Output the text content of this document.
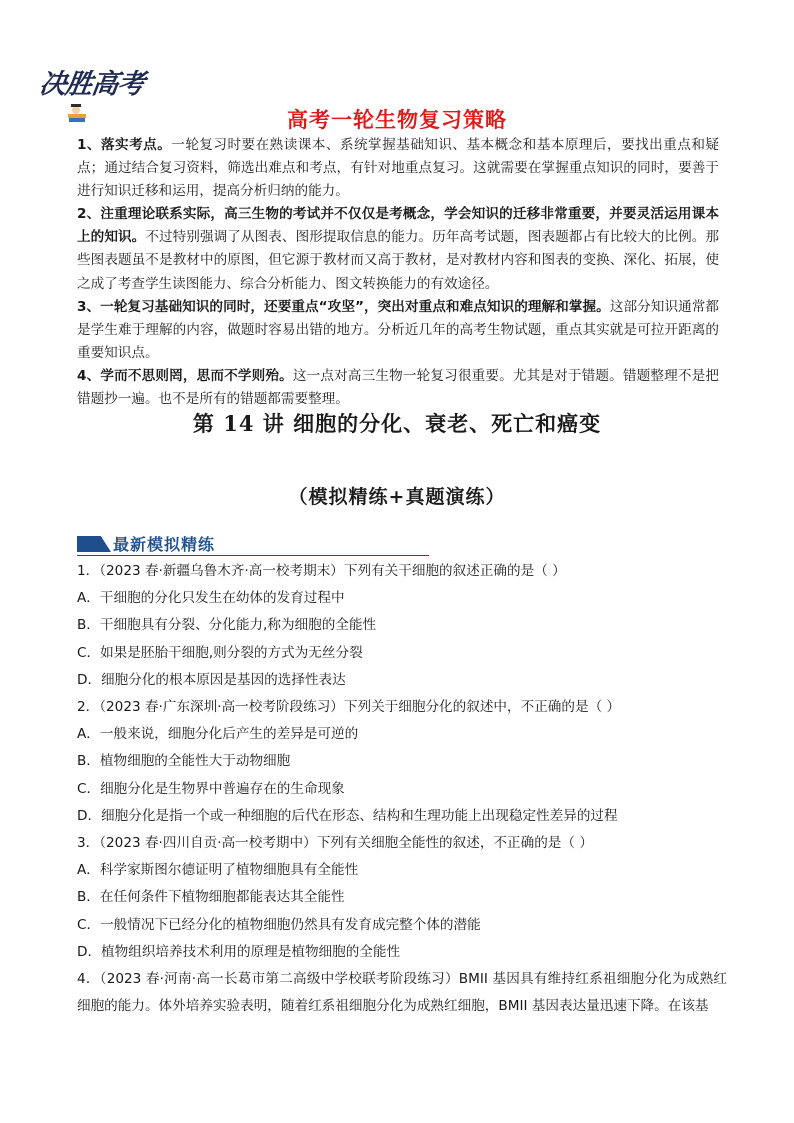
决胜高考
高考一轮生物复习策略

1、落实考点。一轮复习时要在熟读课本、系统掌握基础知识、基本概念和基本原理后，要找出重点和疑点；通过结合复习资料，筛选出难点和考点，有针对地重点复习。这就需要在掌握重点知识的同时，要善于进行知识迁移和运用，提高分析归纳的能力。

2、注重理论联系实际，高三生物的考试并不仅仅是考概念，学会知识的迁移非常重要，并要灵活运用课本上的知识。不过特别强调了从图表、图形提取信息的能力。历年高考试题，图表题都占有比较大的比例。那些图表题虽不是教材中的原图，但它源于教材而又高于教材，是对教材内容和图表的变换、深化、拓展，使之成了考查学生读图能力、综合分析能力、图文转换能力的有效途径。

3、一轮复习基础知识的同时，还要重点“攻坚”，突出对重点和难点知识的理解和掌握。这部分知识通常都是学生难于理解的内容，做题时容易出错的地方。分析近几年的高考生物试题，重点其实就是可拉开距离的重要知识点。

4、学而不思则罔，思而不学则殆。这一点对高三生物一轮复习很重要。尤其是对于错题。错题整理不是把错题抄一遍。也不是所有的错题都需要整理。

第 14 讲 细胞的分化、衰老、死亡和癌变
（模拟精练+真题演练）
最新模拟精练
1．（2023 春·新疆乌鲁木齐·高一校考期末）下列有关干细胞的叙述正确的是（ ）
A．干细胞的分化只发生在幼体的发育过程中
B．干细胞具有分裂、分化能力,称为细胞的全能性
C．如果是胚胎干细胞,则分裂的方式为无丝分裂
D．细胞分化的根本原因是基因的选择性表达
2．（2023 春·广东深圳·高一校考阶段练习）下列关于细胞分化的叙述中，不正确的是（ ）
A．一般来说，细胞分化后产生的差异是可逆的
B．植物细胞的全能性大于动物细胞
C．细胞分化是生物界中普遍存在的生命现象
D．细胞分化是指一个或一种细胞的后代在形态、结构和生理功能上出现稳定性差异的过程
3．（2023 春·四川自贡·高一校考期中）下列有关细胞全能性的叙述，不正确的是（ ）
A．科学家斯图尔德证明了植物细胞具有全能性
B．在任何条件下植物细胞都能表达其全能性
C．一般情况下已经分化的植物细胞仍然具有发育成完整个体的潜能
D．植物组织培养技术利用的原理是植物细胞的全能性
4．（2023 春·河南·高一长葛市第二高级中学校联考阶段练习）BMII 基因具有维持红系祖细胞分化为成熟红细胞的能力。体外培养实验表明，随着红系祖细胞分化为成熟红细胞，BMII 基因表达量迅速下降。在该基
